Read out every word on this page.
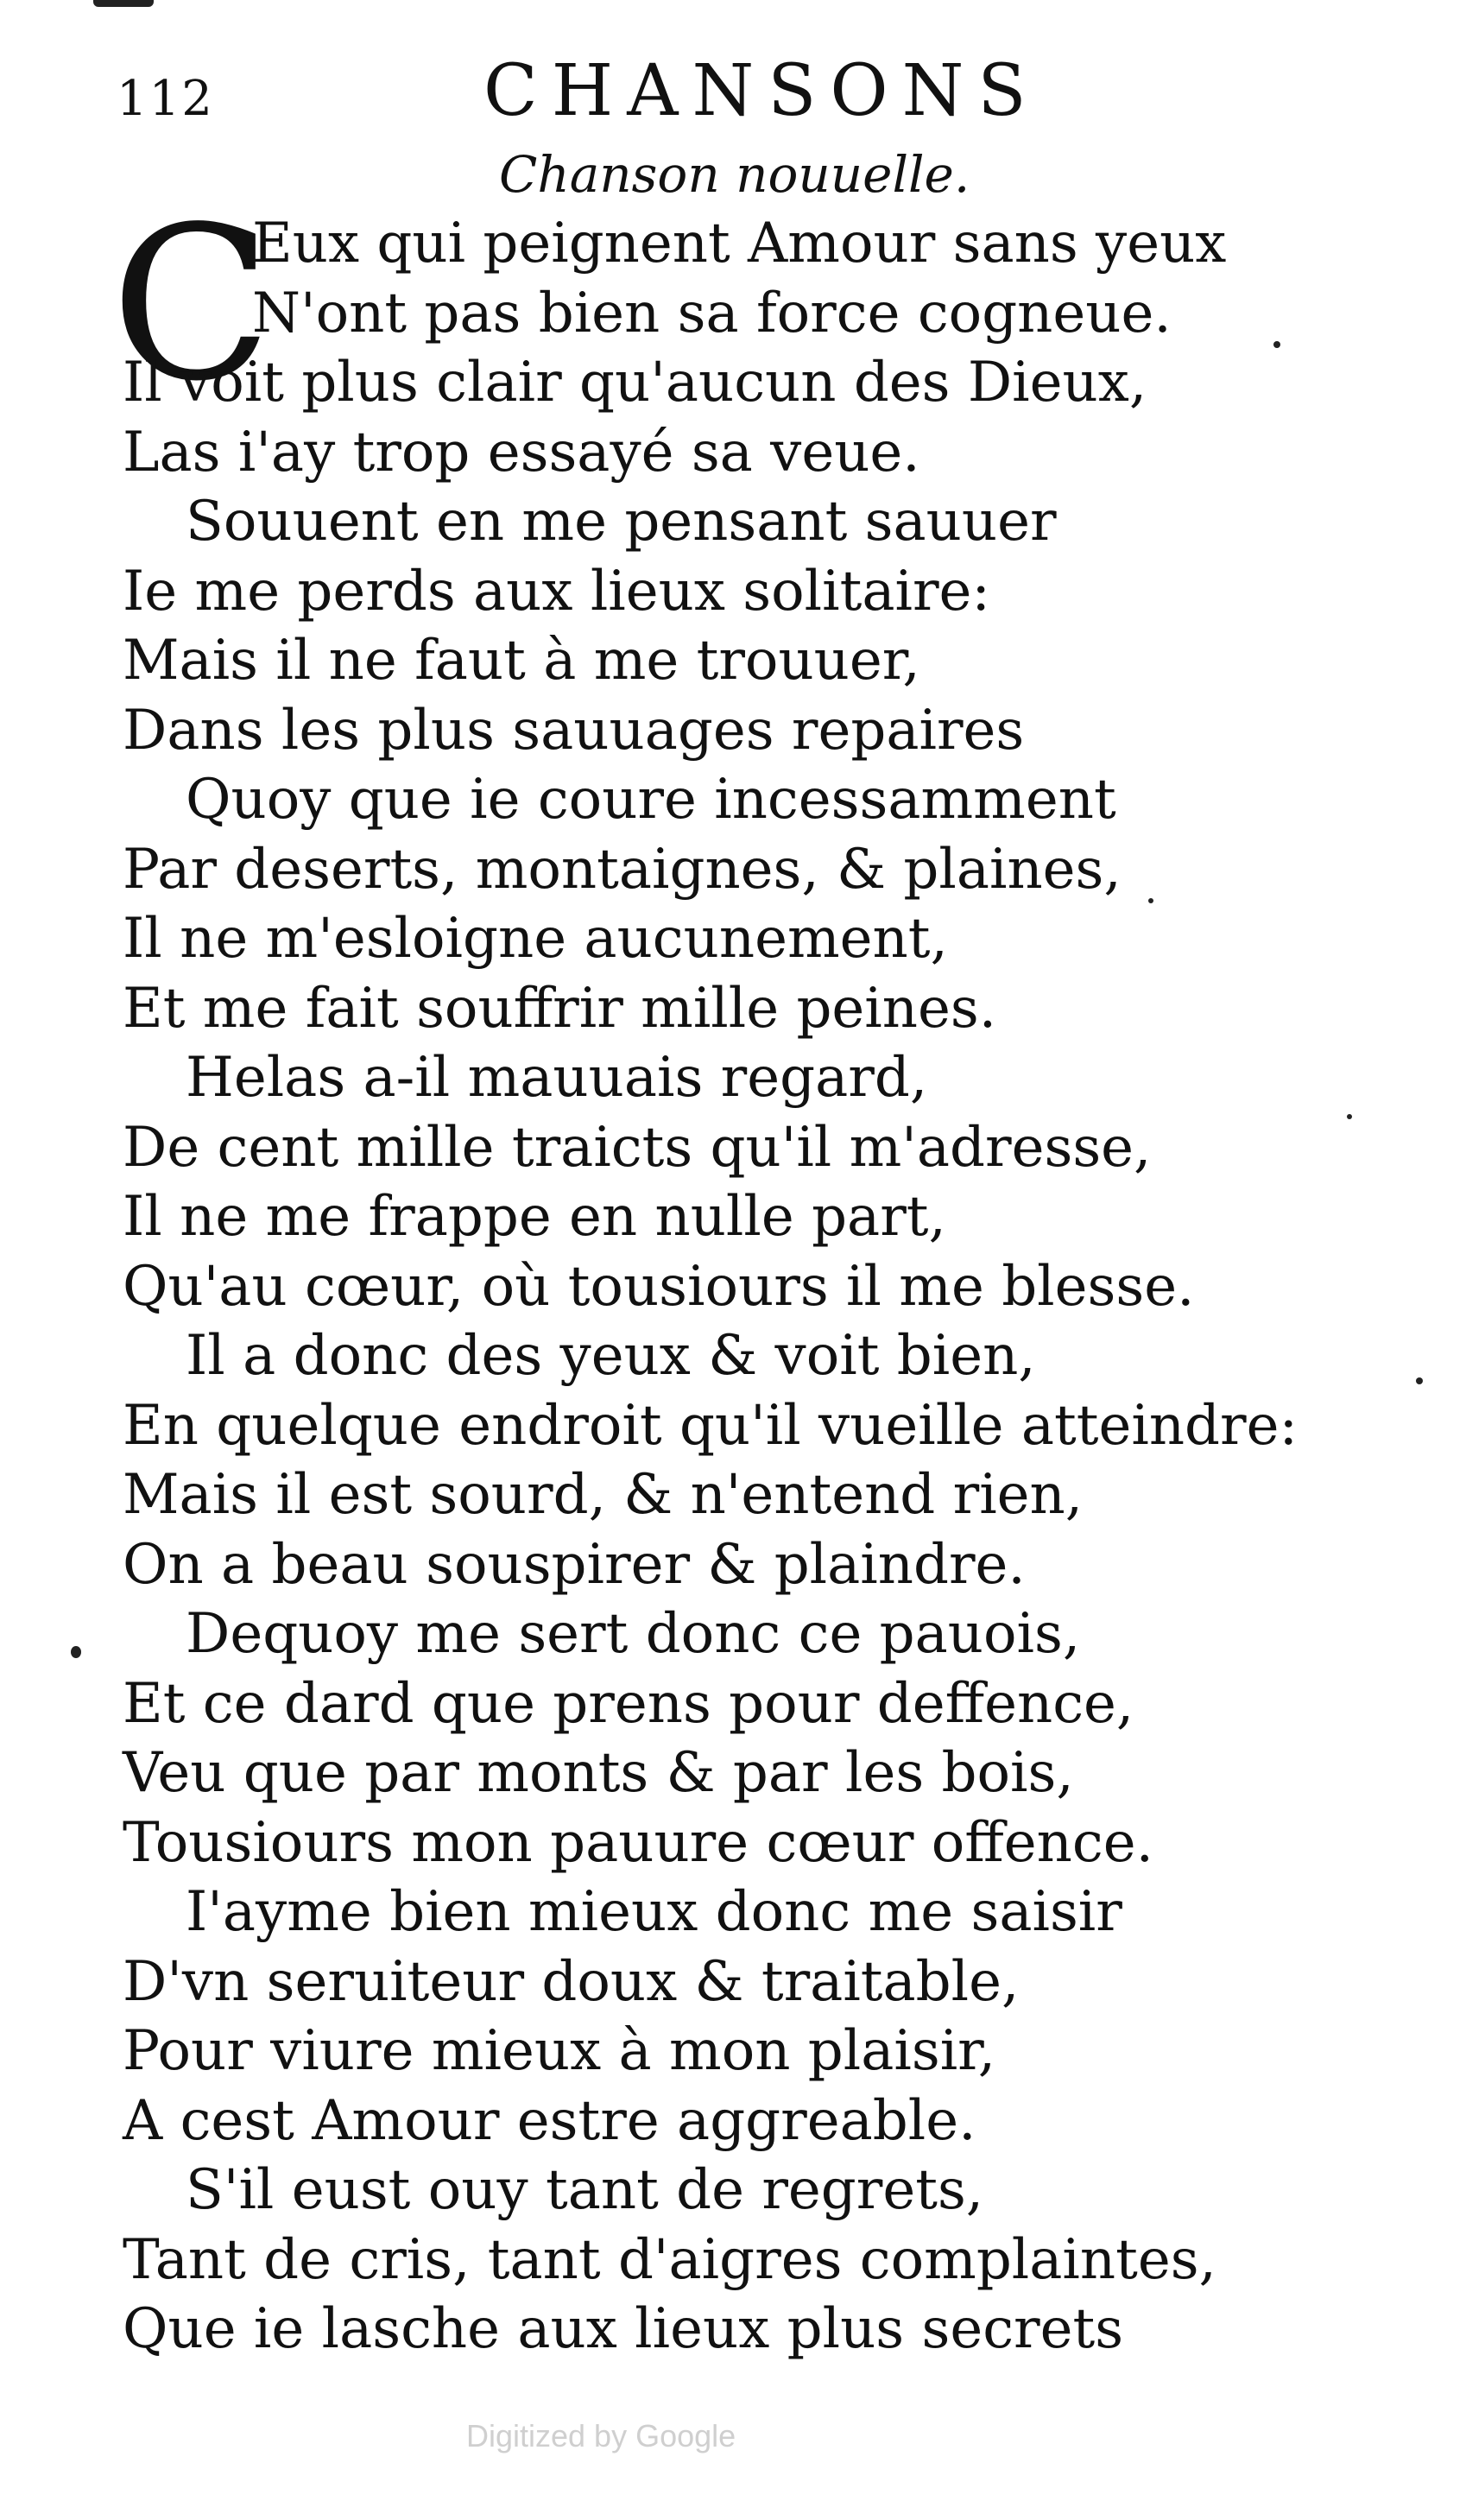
112	CHANSONS
Chanson nouuelle.
C
Eux qui peignent Amour sans yeux
N'ont pas bien sa force cogneue.
Il voit plus clair qu'aucun des Dieux,
Las i'ay trop essayé sa veue.
Souuent en me pensant sauuer
Ie me perds aux lieux solitaire:
Mais il ne faut à me trouuer,
Dans les plus sauuages repaires
Quoy que ie coure incessamment
Par deserts, montaignes, & plaines,
Il ne m'esloigne aucunement,
Et me fait souffrir mille peines.
Helas a-il mauuais regard,
De cent mille traicts qu'il m'adresse,
Il ne me frappe en nulle part,
Qu'au cœur, où tousiours il me blesse.
Il a donc des yeux & voit bien,
En quelque endroit qu'il vueille atteindre:
Mais il est sourd, & n'entend rien,
On a beau souspirer & plaindre.
Dequoy me sert donc ce pauois,
Et ce dard que prens pour deffence,
Veu que par monts & par les bois,
Tousiours mon pauure cœur offence.
I'ayme bien mieux donc me saisir
D'vn seruiteur doux & traitable,
Pour viure mieux à mon plaisir,
A cest Amour estre aggreable.
S'il eust ouy tant de regrets,
Tant de cris, tant d'aigres complaintes,
Que ie lasche aux lieux plus secrets
Digitized by Google
